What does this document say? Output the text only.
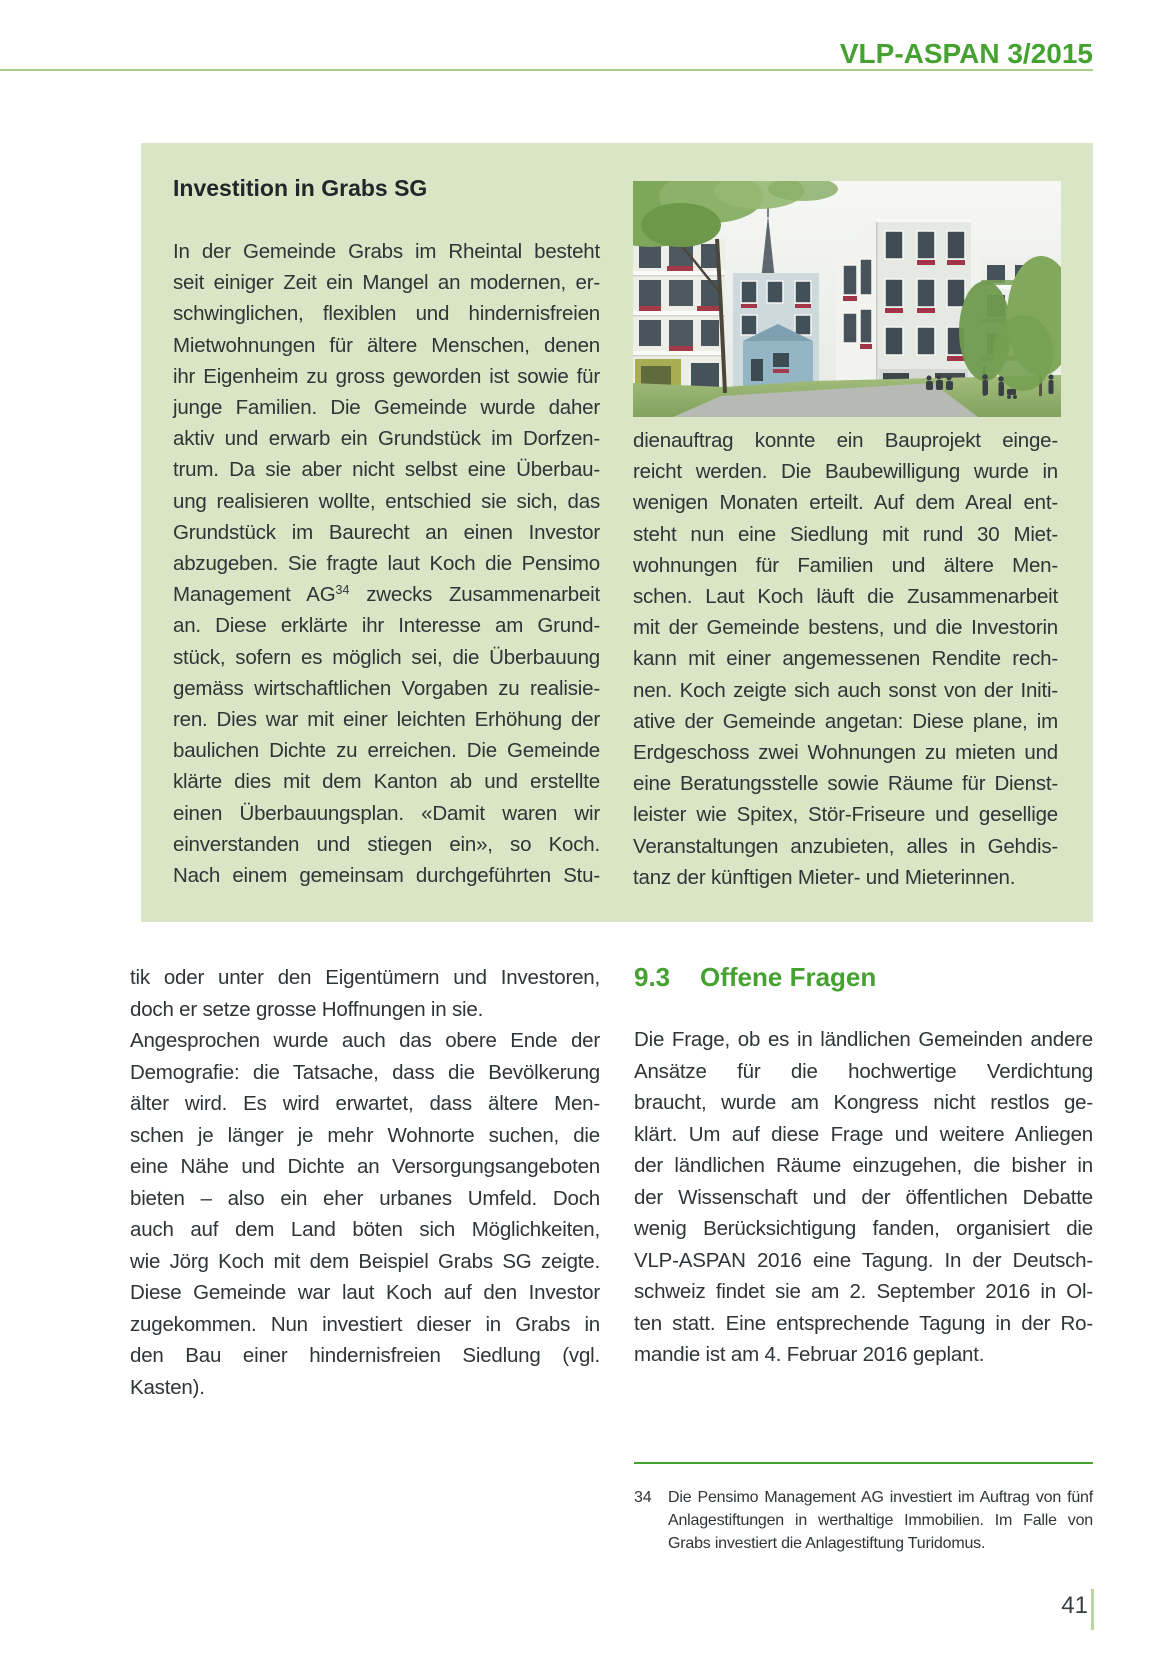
VLP-ASPAN 3/2015
Investition in Grabs SG
In der Gemeinde Grabs im Rheintal besteht
seit einiger Zeit ein Mangel an modernen, er-
schwinglichen, flexiblen und hindernisfreien
Mietwohnungen für ältere Menschen, denen
ihr Eigenheim zu gross geworden ist sowie für
junge Familien. Die Gemeinde wurde daher
aktiv und erwarb ein Grundstück im Dorfzen-
trum. Da sie aber nicht selbst eine Überbau-
ung realisieren wollte, entschied sie sich, das
Grundstück im Baurecht an einen Investor
abzugeben. Sie fragte laut Koch die Pensimo
Management AG$^{34}$ zwecks Zusammenarbeit
an. Diese erklärte ihr Interesse am Grund-
stück, sofern es möglich sei, die Überbauung
gemäss wirtschaftlichen Vorgaben zu realisie-
ren. Dies war mit einer leichten Erhöhung der
baulichen Dichte zu erreichen. Die Gemeinde
klärte dies mit dem Kanton ab und erstellte
einen Überbauungsplan. «Damit waren wir
einverstanden und stiegen ein», so Koch.
Nach einem gemeinsam durchgeführten Stu-
dienauftrag konnte ein Bauprojekt einge-
reicht werden. Die Baubewilligung wurde in
wenigen Monaten erteilt. Auf dem Areal ent-
steht nun eine Siedlung mit rund 30 Miet-
wohnungen für Familien und ältere Men-
schen. Laut Koch läuft die Zusammenarbeit
mit der Gemeinde bestens, und die Investorin
kann mit einer angemessenen Rendite rech-
nen. Koch zeigte sich auch sonst von der Initi-
ative der Gemeinde angetan: Diese plane, im
Erdgeschoss zwei Wohnungen zu mieten und
eine Beratungsstelle sowie Räume für Dienst-
leister wie Spitex, Stör-Friseure und gesellige
Veranstaltungen anzubieten, alles in Gehdis-
tanz der künftigen Mieter- und Mieterinnen.
tik oder unter den Eigentümern und Investoren,
doch er setze grosse Hoffnungen in sie.
Angesprochen wurde auch das obere Ende der
Demografie: die Tatsache, dass die Bevölkerung
älter wird. Es wird erwartet, dass ältere Men-
schen je länger je mehr Wohnorte suchen, die
eine Nähe und Dichte an Versorgungsangeboten
bieten – also ein eher urbanes Umfeld. Doch
auch auf dem Land böten sich Möglichkeiten,
wie Jörg Koch mit dem Beispiel Grabs SG zeigte.
Diese Gemeinde war laut Koch auf den Investor
zugekommen. Nun investiert dieser in Grabs in
den Bau einer hindernisfreien Siedlung (vgl.
Kasten).
9.3 Offene Fragen
Die Frage, ob es in ländlichen Gemeinden andere
Ansätze für die hochwertige Verdichtung
braucht, wurde am Kongress nicht restlos ge-
klärt. Um auf diese Frage und weitere Anliegen
der ländlichen Räume einzugehen, die bisher in
der Wissenschaft und der öffentlichen Debatte
wenig Berücksichtigung fanden, organisiert die
VLP-ASPAN 2016 eine Tagung. In der Deutsch-
schweiz findet sie am 2. September 2016 in Ol-
ten statt. Eine entsprechende Tagung in der Ro-
mandie ist am 4. Februar 2016 geplant.
34	Die Pensimo Management AG investiert im Auftrag von fünf
Anlagestiftungen in werthaltige Immobilien. Im Falle von
Grabs investiert die Anlagestiftung Turidomus.
41
